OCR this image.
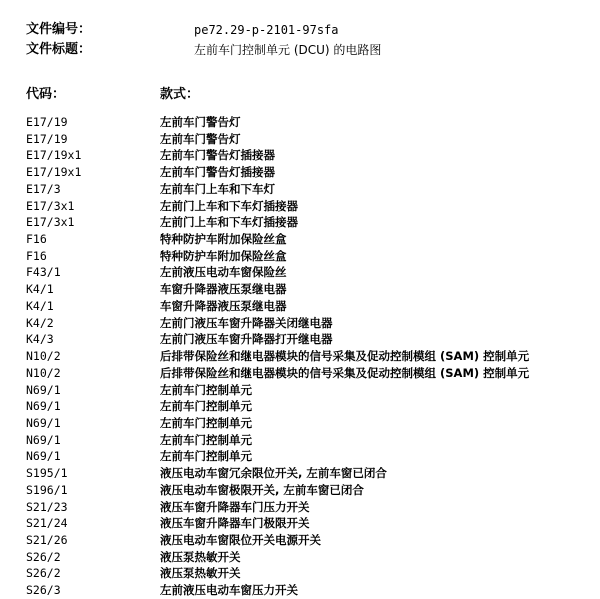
文件编号：	pe72.29-p-2101-97sfa
文件标题：	左前车门控制单元 (DCU) 的电路图
代码：	款式：
E17/19	左前车门警告灯
E17/19	左前车门警告灯
E17/19x1	左前车门警告灯插接器
E17/19x1	左前车门警告灯插接器
E17/3	左前车门上车和下车灯
E17/3x1	左前门上车和下车灯插接器
E17/3x1	左前门上车和下车灯插接器
F16	特种防护车附加保险丝盒
F16	特种防护车附加保险丝盒
F43/1	左前液压电动车窗保险丝
K4/1	车窗升降器液压泵继电器
K4/1	车窗升降器液压泵继电器
K4/2	左前门液压车窗升降器关闭继电器
K4/3	左前门液压车窗升降器打开继电器
N10/2	后排带保险丝和继电器模块的信号采集及促动控制模组 (SAM) 控制单元
N10/2	后排带保险丝和继电器模块的信号采集及促动控制模组 (SAM) 控制单元
N69/1	左前车门控制单元
N69/1	左前车门控制单元
N69/1	左前车门控制单元
N69/1	左前车门控制单元
N69/1	左前车门控制单元
S195/1	液压电动车窗冗余限位开关, 左前车窗已闭合
S196/1	液压电动车窗极限开关, 左前车窗已闭合
S21/23	液压车窗升降器车门压力开关
S21/24	液压车窗升降器车门极限开关
S21/26	液压电动车窗限位开关电源开关
S26/2	液压泵热敏开关
S26/2	液压泵热敏开关
S26/3	左前液压电动车窗压力开关
